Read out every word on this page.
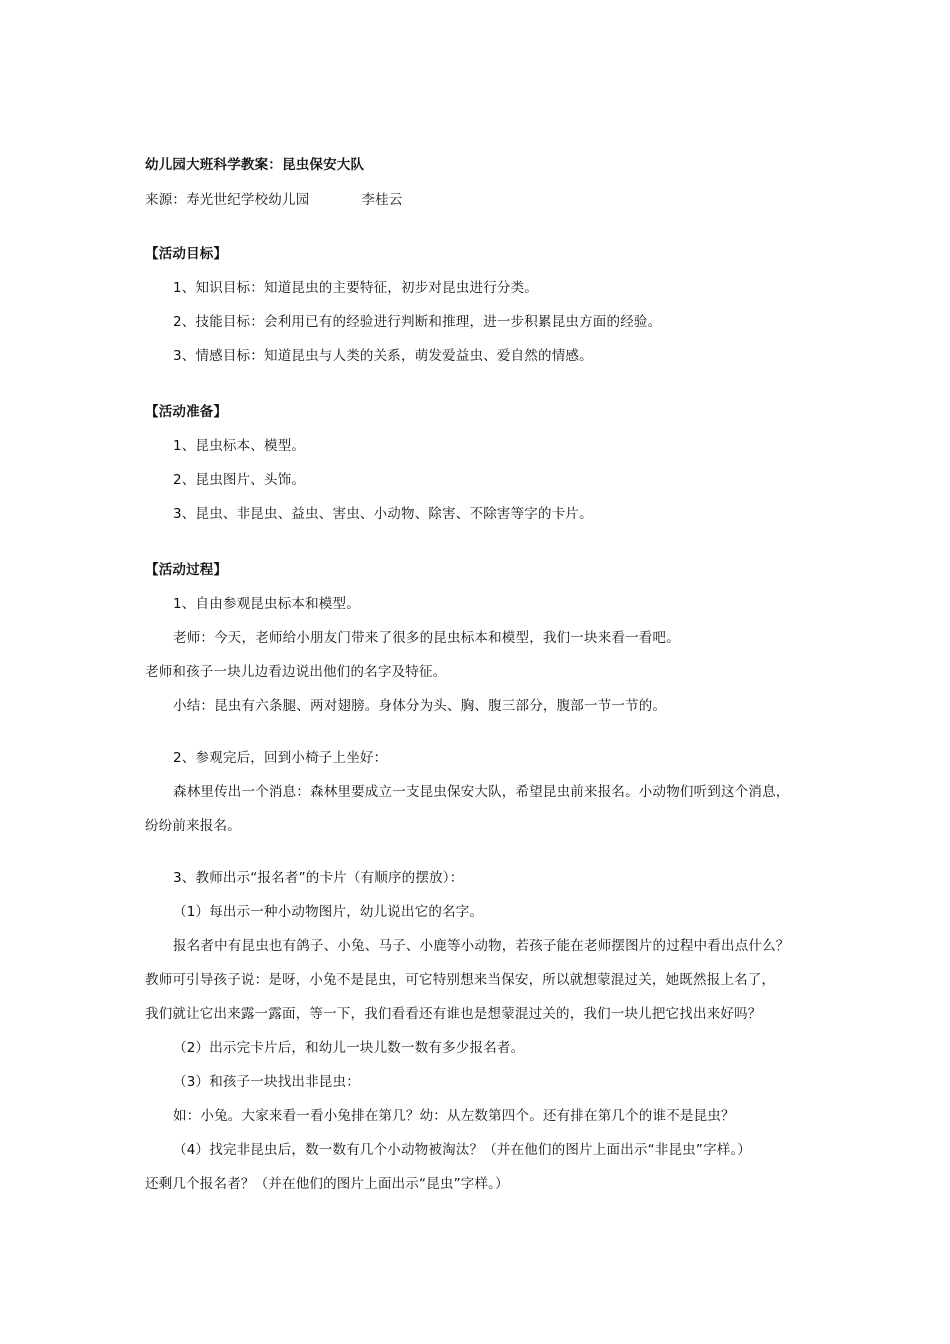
幼儿园大班科学教案：昆虫保安大队

来源：寿光世纪学校幼儿园	李桂云

【活动目标】

1、知识目标：知道昆虫的主要特征，初步对昆虫进行分类。

2、技能目标：会利用已有的经验进行判断和推理，进一步积累昆虫方面的经验。

3、情感目标：知道昆虫与人类的关系，萌发爱益虫、爱自然的情感。

【活动准备】

1、昆虫标本、模型。

2、昆虫图片、头饰。

3、昆虫、非昆虫、益虫、害虫、小动物、除害、不除害等字的卡片。

【活动过程】

1、自由参观昆虫标本和模型。

老师：今天，老师给小朋友门带来了很多的昆虫标本和模型，我们一块来看一看吧。

老师和孩子一块儿边看边说出他们的名字及特征。

小结：昆虫有六条腿、两对翅膀。身体分为头、胸、腹三部分，腹部一节一节的。

2、参观完后，回到小椅子上坐好：

森林里传出一个消息：森林里要成立一支昆虫保安大队，希望昆虫前来报名。小动物们听到这个消息，

纷纷前来报名。

3、教师出示“报名者”的卡片（有顺序的摆放）：

（1）每出示一种小动物图片，幼儿说出它的名字。

报名者中有昆虫也有鸽子、小兔、马子、小鹿等小动物，若孩子能在老师摆图片的过程中看出点什么？

教师可引导孩子说：是呀，小兔不是昆虫，可它特别想来当保安，所以就想蒙混过关，她既然报上名了，

我们就让它出来露一露面，等一下，我们看看还有谁也是想蒙混过关的，我们一块儿把它找出来好吗？

（2）出示完卡片后，和幼儿一块儿数一数有多少报名者。

（3）和孩子一块找出非昆虫：

如：小兔。大家来看一看小兔排在第几？幼：从左数第四个。还有排在第几个的谁不是昆虫？

（4）找完非昆虫后，数一数有几个小动物被淘汰？（并在他们的图片上面出示“非昆虫”字样。）

还剩几个报名者？（并在他们的图片上面出示“昆虫”字样。）
